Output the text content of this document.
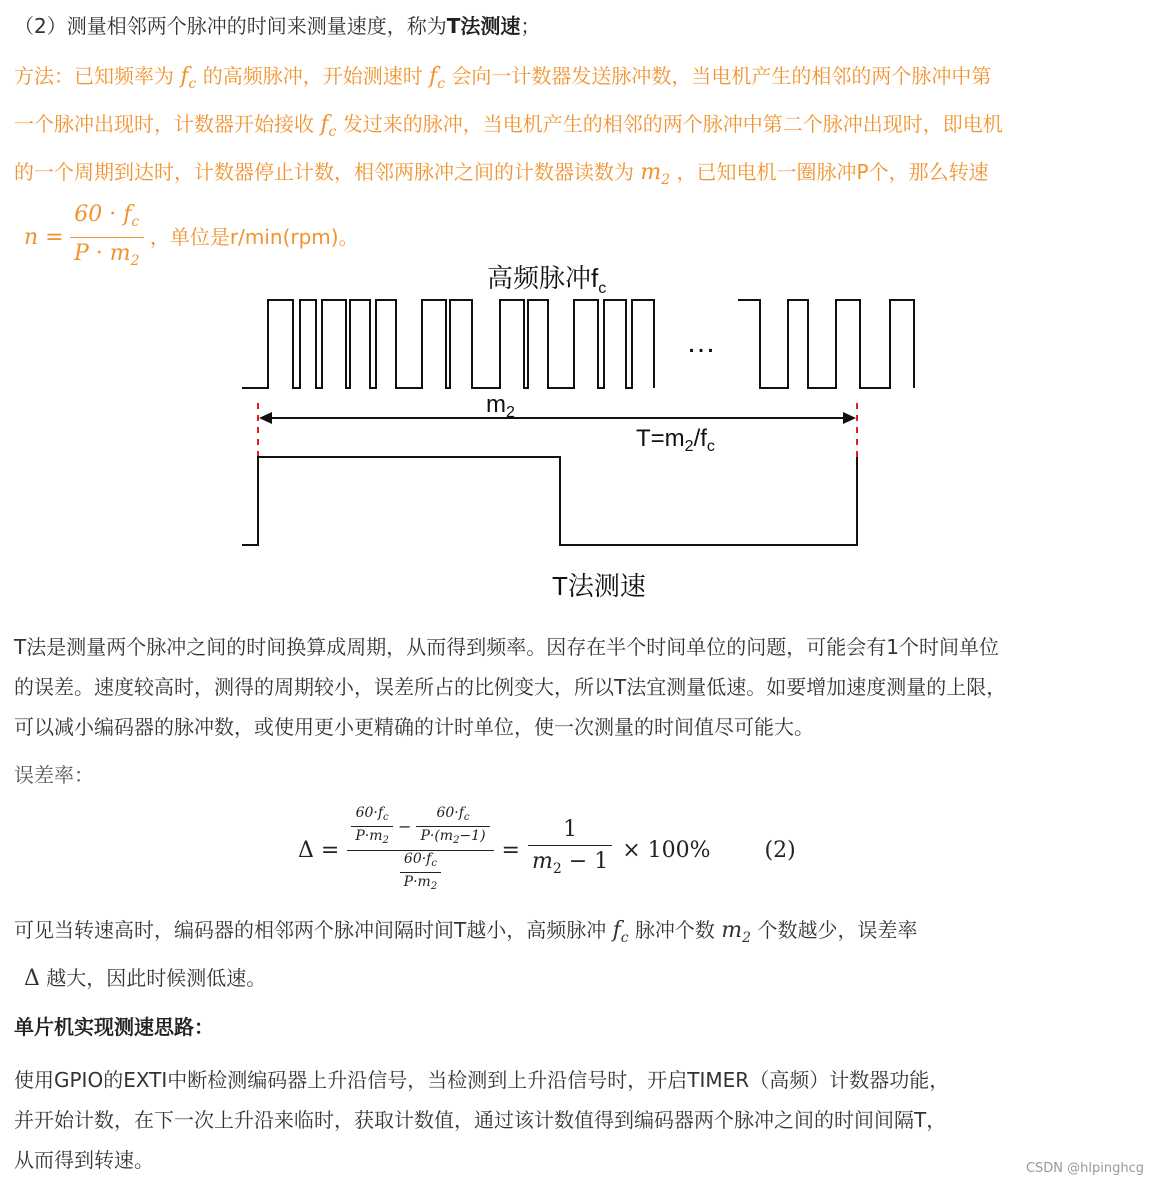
（2）测量相邻两个脉冲的时间来测量速度，称为T法测速；
方法：已知频率为 $f_c$ 的高频脉冲，开始测速时 $f_c$ 会向一计数器发送脉冲数，当电机产生的相邻的两个脉冲中第
一个脉冲出现时，计数器开始接收 $f_c$ 发过来的脉冲，当电机产生的相邻的两个脉冲中第二个脉冲出现时，即电机
的一个周期到达时，计数器停止计数，相邻两脉冲之间的计数器读数为 $m_2$ ，已知电机一圈脉冲P个，那么转速
$n = \frac{60 \cdot f_c}{P \cdot m_2}$ ，单位是r/min(rpm)。
高频脉冲$f_c$
…
$m_2$
$T=m_2/f_c$
T法测速
T法是测量两个脉冲之间的时间换算成周期，从而得到频率。因存在半个时间单位的问题，可能会有1个时间单位
的误差。速度较高时，测得的周期较小，误差所占的比例变大，所以T法宜测量低速。如要增加速度测量的上限，
可以减小编码器的脉冲数，或使用更小更精确的计时单位，使一次测量的时间值尽可能大。
误差率：
$\Delta = \frac{\frac{60\cdot f_c}{P\cdot m_2} - \frac{60\cdot f_c}{P\cdot(m_2-1)}}{\frac{60\cdot f_c}{P\cdot m_2}} = \frac{1}{m_2 - 1} \times 100\%$ (2)
可见当转速高时，编码器的相邻两个脉冲间隔时间T越小，高频脉冲 $f_c$ 脉冲个数 $m_2$ 个数越少，误差率
Δ 越大，因此时候测低速。
单片机实现测速思路：
使用GPIO的EXTI中断检测编码器上升沿信号，当检测到上升沿信号时，开启TIMER（高频）计数器功能，
并开始计数，在下一次上升沿来临时，获取计数值，通过该计数值得到编码器两个脉冲之间的时间间隔T，
从而得到转速。	CSDN @hlpinghcg
